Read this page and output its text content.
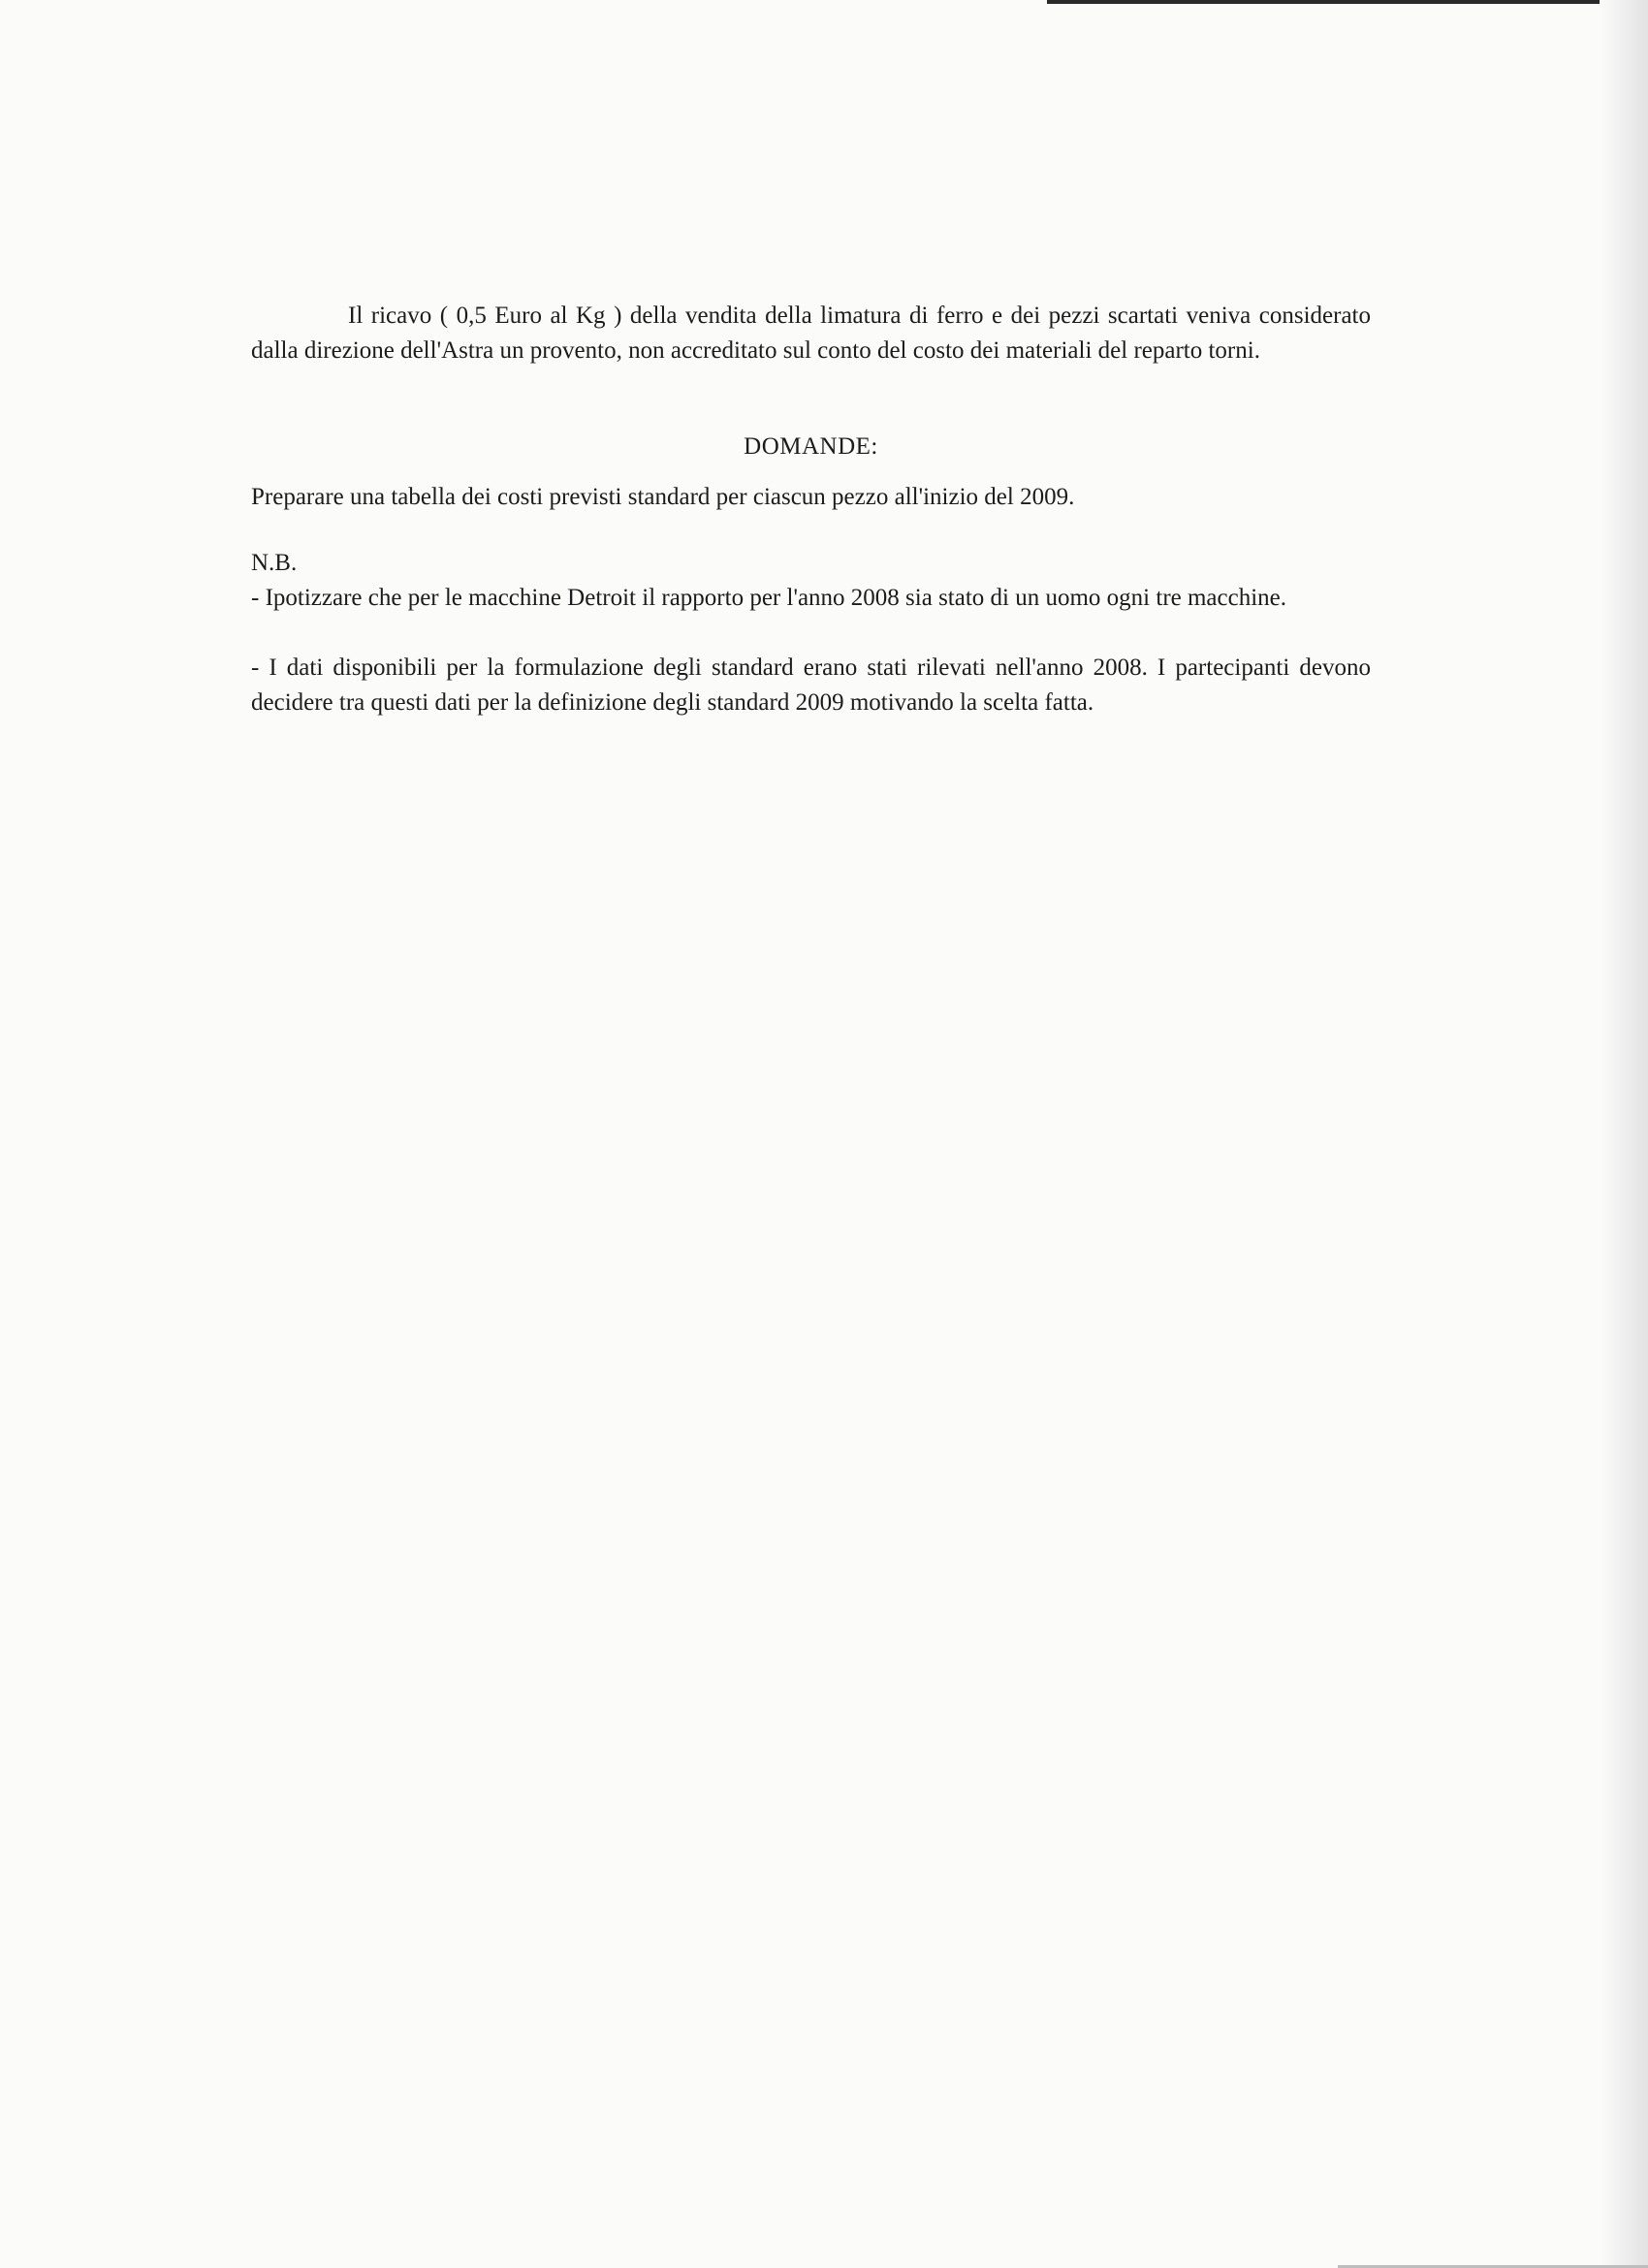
Il ricavo ( 0,5 Euro al Kg ) della vendita della limatura di ferro e dei pezzi scartati veniva considerato dalla direzione dell'Astra un provento, non accreditato sul conto del costo dei materiali del reparto torni.

DOMANDE:

Preparare una tabella dei costi previsti standard per ciascun pezzo all'inizio del 2009.

N.B.

- Ipotizzare che per le macchine Detroit il rapporto per l'anno 2008 sia stato di un uomo ogni tre macchine.

- I dati disponibili per la formulazione degli standard erano stati rilevati nell'anno 2008. I partecipanti devono decidere tra questi dati per la definizione degli standard 2009 motivando la scelta fatta.
